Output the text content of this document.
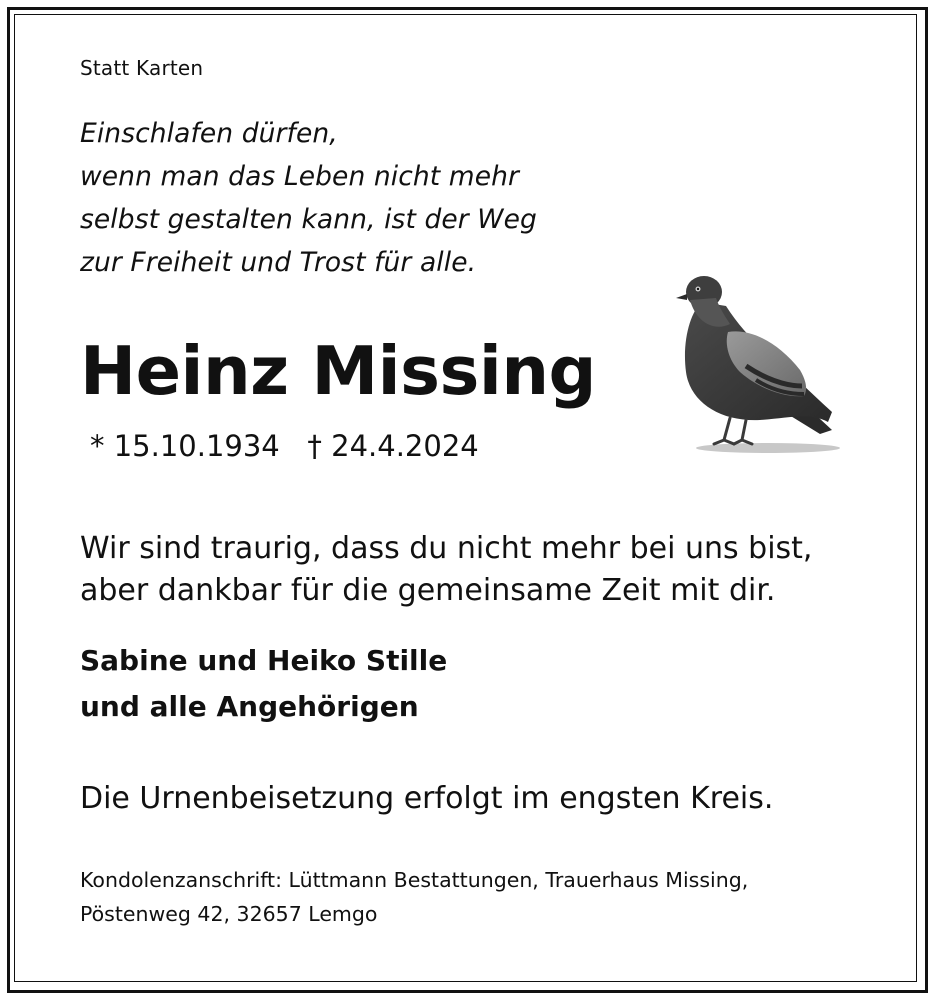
Statt Karten
Einschlafen dürfen,
wenn man das Leben nicht mehr
selbst gestalten kann, ist der Weg
zur Freiheit und Trost für alle.
Heinz Missing
* 15.10.1934 † 24.4.2024
Wir sind traurig, dass du nicht mehr bei uns bist,
aber dankbar für die gemeinsame Zeit mit dir.
Sabine und Heiko Stille
und alle Angehörigen
Die Urnenbeisetzung erfolgt im engsten Kreis.
Kondolenzanschrift: Lüttmann Bestattungen, Trauerhaus Missing,
Pöstenweg 42, 32657 Lemgo
